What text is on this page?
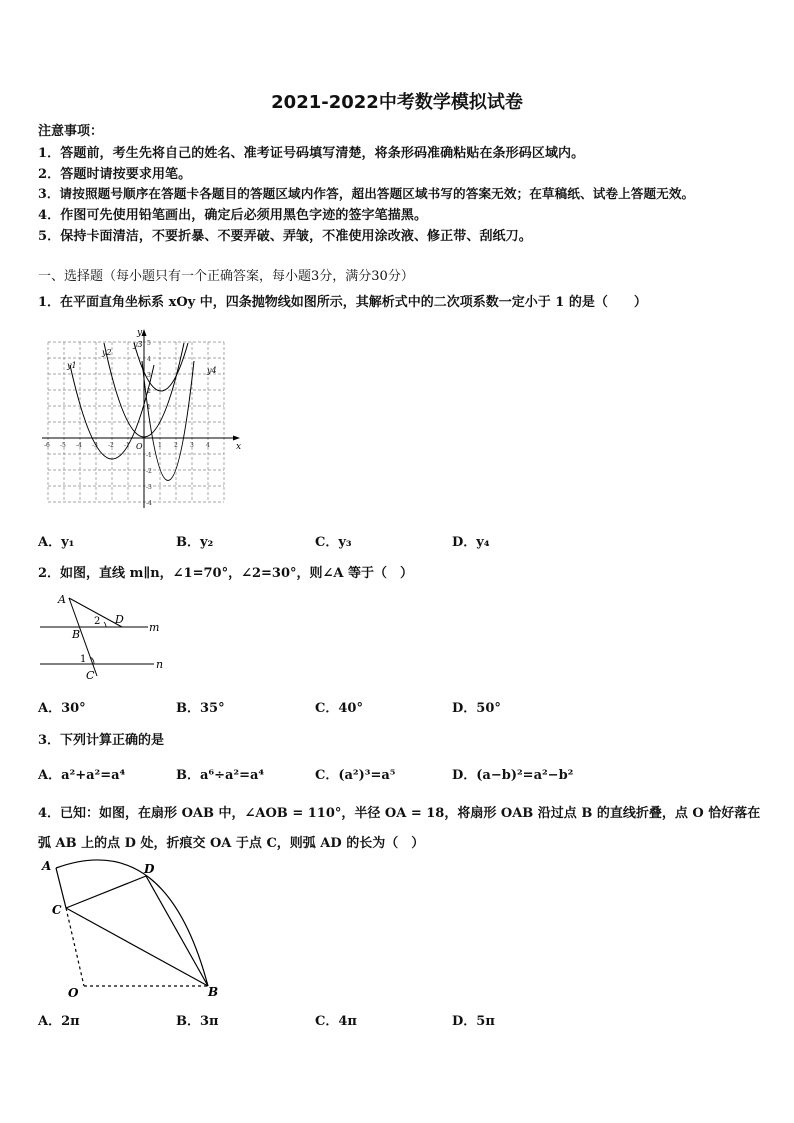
2021-2022中考数学模拟试卷
注意事项：
1．答题前，考生先将自己的姓名、准考证号码填写清楚，将条形码准确粘贴在条形码区域内。
2．答题时请按要求用笔。
3．请按照题号顺序在答题卡各题目的答题区域内作答，超出答题区域书写的答案无效；在草稿纸、试卷上答题无效。
4．作图可先使用铅笔画出，确定后必须用黑色字迹的签字笔描黑。
5．保持卡面清洁，不要折暴、不要弄破、弄皱，不准使用涂改液、修正带、刮纸刀。
一、选择题（每小题只有一个正确答案，每小题3分，满分30分）
1．在平面直角坐标系 xOy 中，四条抛物线如图所示，其解析式中的二次项系数一定小于 1 的是（　　）
x
y
O
-6 -5 -4 -3 -2 -1	1 2 3 4
5
4
3
2
1
-1
-2
-3
-4
y1
y2
y3
y4
A．y₁	B．y₂	C．y₃	D．y₄
2．如图，直线 m∥n，∠1=70°，∠2=30°，则∠A 等于（　）
A
B
C
D
m
n
2
1
A．30°	B．35°	C．40°	D．50°
3．下列计算正确的是
A．a²+a²=a⁴	B．a⁶÷a²=a⁴	C．(a²)³=a⁵	D．(a−b)²=a²−b²
4．已知：如图，在扇形 OAB 中，∠AOB = 110°，半径 OA = 18，将扇形 OAB 沿过点 B 的直线折叠，点 O 恰好落在
弧 AB 上的点 D 处，折痕交 OA 于点 C，则弧 AD 的长为（　）
A
C
D
O	B
A．2π	B．3π	C．4π	D．5π
